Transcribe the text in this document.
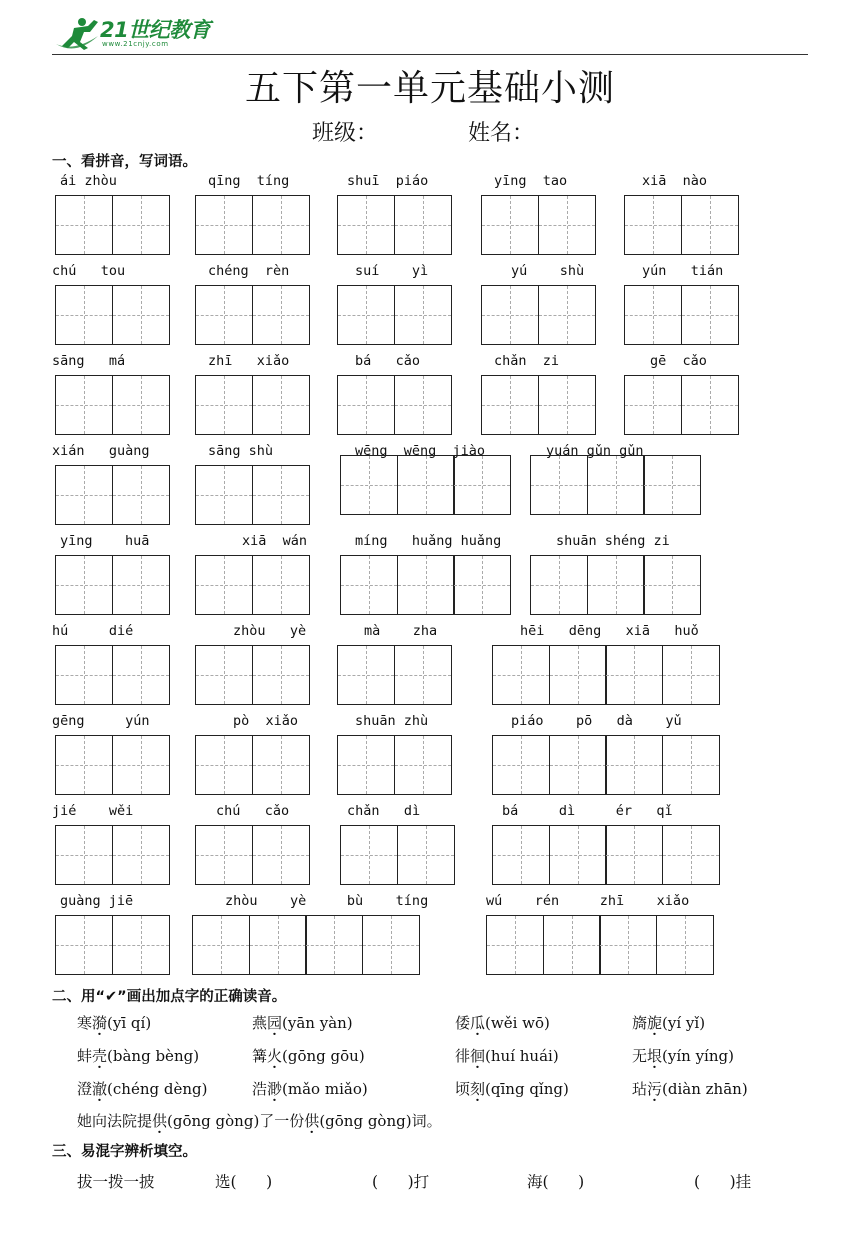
21世纪教育
www.21cnjy.com
五下第一单元基础小测
班级：	姓名：
一、看拼音，写词语。
ái zhòu	qīng  tíng	shuī  piáo	yīng  tao	xiā  nào
chú   tou	chéng  rèn	suí    yì	yú    shù	yún   tián
sāng   má	zhī   xiǎo	bá   cǎo	chǎn  zi	gē  cǎo
xián   guàng	sāng shù	wēng  wēng  jiào	yuán gǔn gǔn
yīng    huā	xiā  wán	míng   huǎng huǎng	shuān shéng zi
hú     dié	zhòu   yè	mà    zha	hēi   dēng   xiā   huǒ
gēng     yún	pò  xiǎo	shuān zhù	piáo    pō   dà    yǔ
jié    wěi	chú   cǎo	chǎn   dì	bá     dì     ér   qǐ
guàng jiē	zhòu    yè     bù    tíng	wú    rén     zhī    xiǎo
二、用“✔”画出加点字的正确读音。
寒漪(yī qí)	燕园(yān yàn)	倭瓜(wěi wō)	旖旎(yí yǐ)
蚌壳(bàng bèng)	篝火(gōng gōu)	徘徊(huí huái)	无垠(yín yíng)
澄澈(chéng dèng)	浩渺(mǎo miǎo)	顷刻(qīng qǐng)	玷污(diàn zhān)
她向法院提供(gōng gòng)了一份供(gōng gòng)词。
三、易混字辨析填空。
拔一拨一披	选(      )	(      )打	海(      )	(      )挂
